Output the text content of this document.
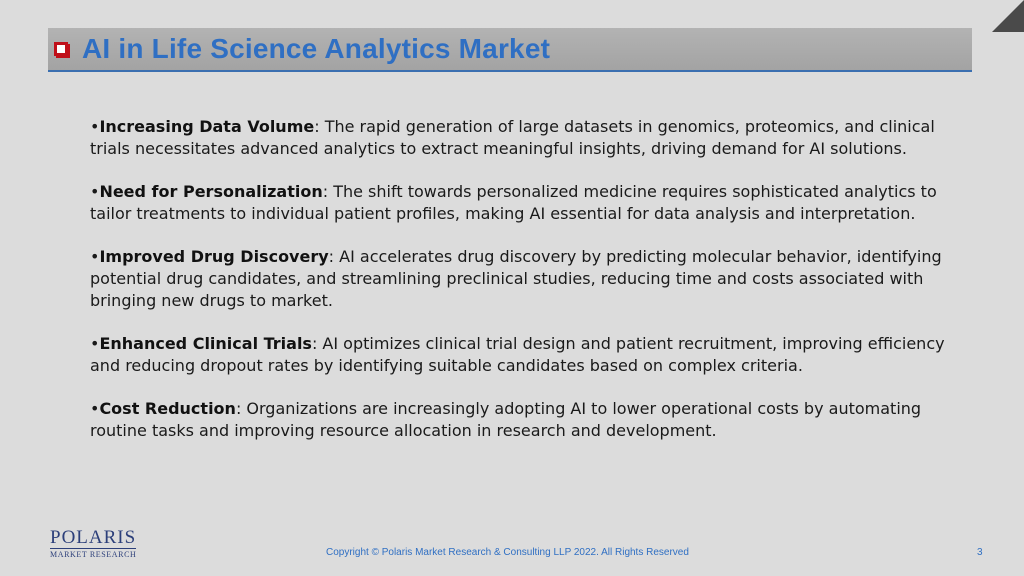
AI in Life Science Analytics Market

•Increasing Data Volume: The rapid generation of large datasets in genomics, proteomics, and clinical trials necessitates advanced analytics to extract meaningful insights, driving demand for AI solutions.

•Need for Personalization: The shift towards personalized medicine requires sophisticated analytics to tailor treatments to individual patient profiles, making AI essential for data analysis and interpretation.

•Improved Drug Discovery: AI accelerates drug discovery by predicting molecular behavior, identifying potential drug candidates, and streamlining preclinical studies, reducing time and costs associated with bringing new drugs to market.

•Enhanced Clinical Trials: AI optimizes clinical trial design and patient recruitment, improving efficiency and reducing dropout rates by identifying suitable candidates based on complex criteria.

•Cost Reduction: Organizations are increasingly adopting AI to lower operational costs by automating routine tasks and improving resource allocation in research and development.

POLARIS
MARKET RESEARCH	Copyright © Polaris Market Research & Consulting LLP 2022. All Rights Reserved	3
